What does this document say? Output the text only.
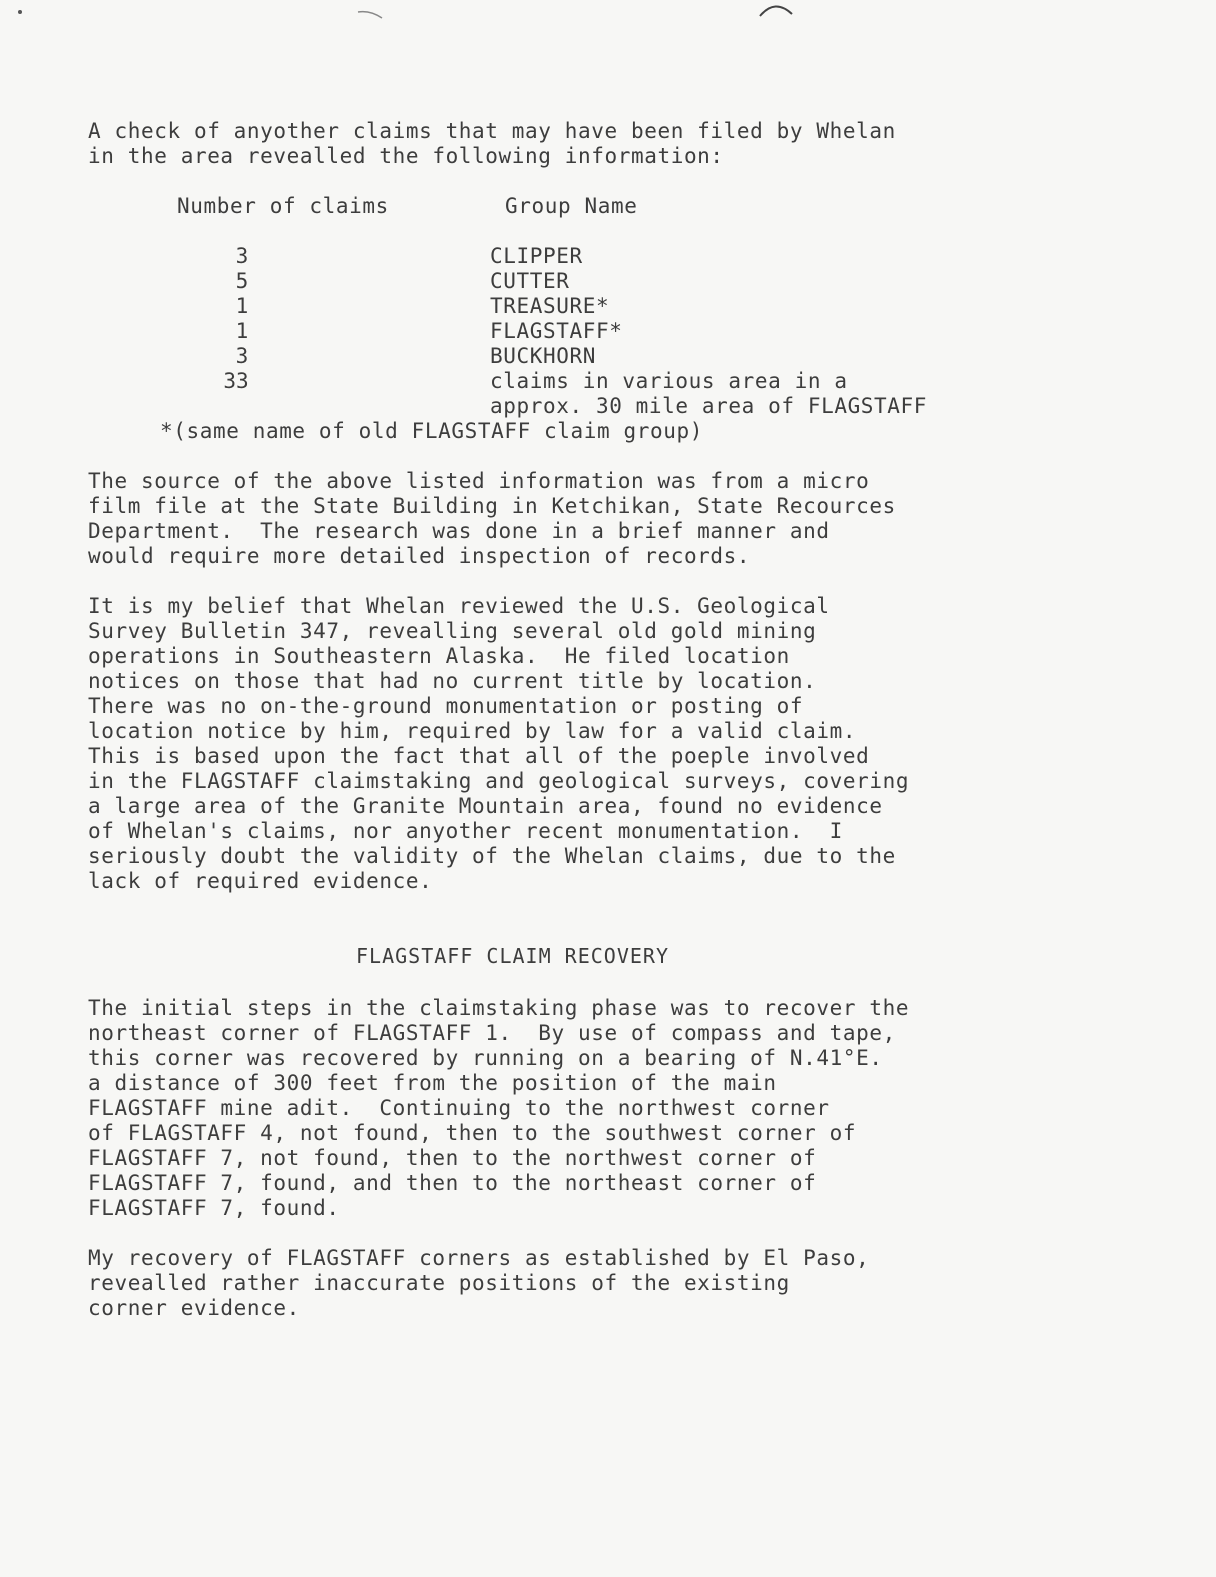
A check of anyother claims that may have been filed by Whelan
in the area revealled the following information:
Number of claims	Group Name
3	CLIPPER
5	CUTTER
1	TREASURE*
1	FLAGSTAFF*
3	BUCKHORN
33	claims in various area in a
approx. 30 mile area of FLAGSTAFF
*(same name of old FLAGSTAFF claim group)
The source of the above listed information was from a micro
film file at the State Building in Ketchikan, State Recources
Department.  The research was done in a brief manner and
would require more detailed inspection of records.
It is my belief that Whelan reviewed the U.S. Geological
Survey Bulletin 347, revealling several old gold mining
operations in Southeastern Alaska.  He filed location
notices on those that had no current title by location.
There was no on-the-ground monumentation or posting of
location notice by him, required by law for a valid claim.
This is based upon the fact that all of the poeple involved
in the FLAGSTAFF claimstaking and geological surveys, covering
a large area of the Granite Mountain area, found no evidence
of Whelan's claims, nor anyother recent monumentation.  I
seriously doubt the validity of the Whelan claims, due to the
lack of required evidence.
FLAGSTAFF CLAIM RECOVERY
The initial steps in the claimstaking phase was to recover the
northeast corner of FLAGSTAFF 1.  By use of compass and tape,
this corner was recovered by running on a bearing of N.41°E.
a distance of 300 feet from the position of the main
FLAGSTAFF mine adit.  Continuing to the northwest corner
of FLAGSTAFF 4, not found, then to the southwest corner of
FLAGSTAFF 7, not found, then to the northwest corner of
FLAGSTAFF 7, found, and then to the northeast corner of
FLAGSTAFF 7, found.
My recovery of FLAGSTAFF corners as established by El Paso,
revealled rather inaccurate positions of the existing
corner evidence.
